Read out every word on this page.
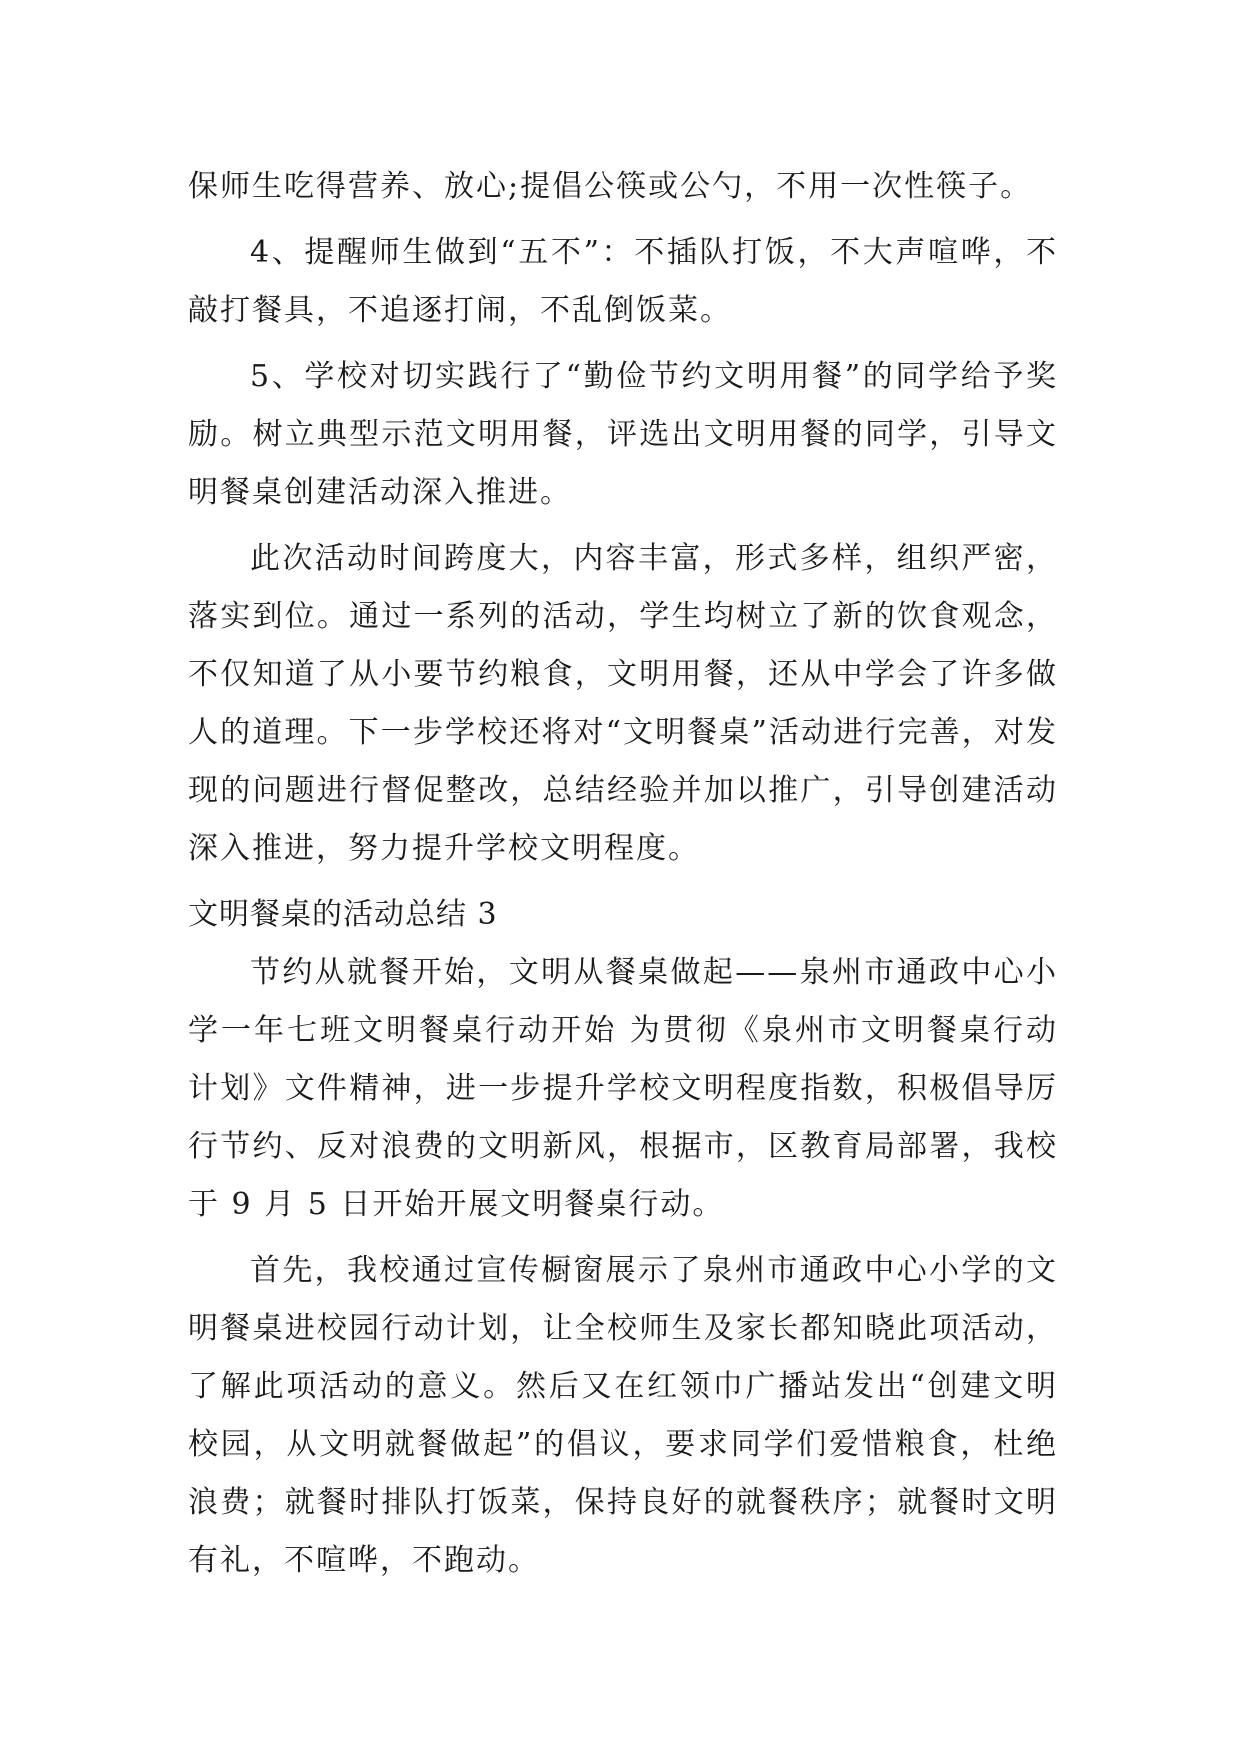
保师生吃得营养、放心;提倡公筷或公勺，不用一次性筷子。

4、提醒师生做到“五不”：不插队打饭，不大声喧哗，不敲打餐具，不追逐打闹，不乱倒饭菜。

5、学校对切实践行了“勤俭节约文明用餐”的同学给予奖励。树立典型示范文明用餐，评选出文明用餐的同学，引导文明餐桌创建活动深入推进。

此次活动时间跨度大，内容丰富，形式多样，组织严密，落实到位。通过一系列的活动，学生均树立了新的饮食观念，不仅知道了从小要节约粮食，文明用餐，还从中学会了许多做人的道理。下一步学校还将对“文明餐桌”活动进行完善，对发现的问题进行督促整改，总结经验并加以推广，引导创建活动深入推进，努力提升学校文明程度。

文明餐桌的活动总结 3

节约从就餐开始，文明从餐桌做起——泉州市通政中心小学一年七班文明餐桌行动开始 为贯彻《泉州市文明餐桌行动计划》文件精神，进一步提升学校文明程度指数，积极倡导厉行节约、反对浪费的文明新风，根据市，区教育局部署，我校于 9 月 5 日开始开展文明餐桌行动。

首先，我校通过宣传橱窗展示了泉州市通政中心小学的文明餐桌进校园行动计划，让全校师生及家长都知晓此项活动，了解此项活动的意义。然后又在红领巾广播站发出“创建文明校园，从文明就餐做起”的倡议，要求同学们爱惜粮食，杜绝浪费；就餐时排队打饭菜，保持良好的就餐秩序；就餐时文明有礼，不喧哗，不跑动。
